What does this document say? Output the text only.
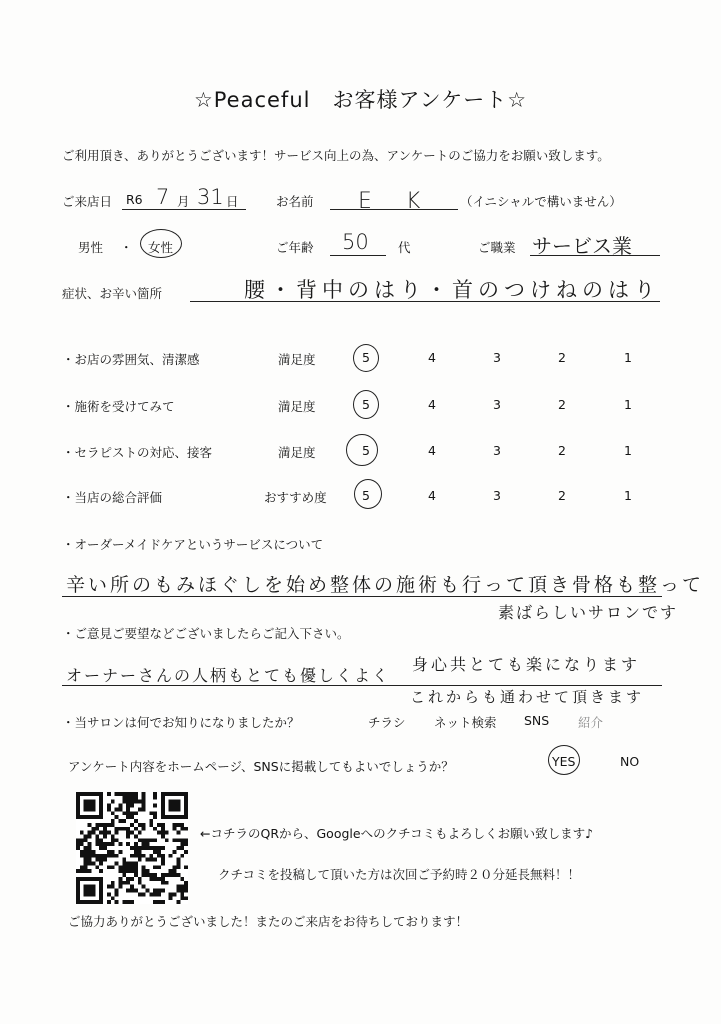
☆Peaceful　お客様アンケート☆
ご利用頂き、ありがとうございます！サービス向上の為、アンケートのご協力をお願い致します。
ご来店日 R6 7 月 31 日	お名前 E　K	（イニシャルで構いません）
男性 ・ 女性	ご年齢 50 代	ご職業 サービス業
症状、お辛い箇所	腰・背中のはり・首のつけねのはり
・お店の雰囲気、清潔感	満足度	5	4	3	2	1
・施術を受けてみて	満足度	5	4	3	2	1
・セラピストの対応、接客	満足度	5	4	3	2	1
・当店の総合評価	おすすめ度	5	4	3	2	1
・オーダーメイドケアというサービスについて
辛い所のもみほぐしを始め整体の施術も行って頂き骨格も整って
素ばらしいサロンです
・ご意見ご要望などございましたらご記入下さい。
オーナーさんの人柄もとても優しくよく
身心共とても楽になります
これからも通わせて頂きます
・当サロンは何でお知りになりましたか？	チラシ ネット検索 SNS 紹介
アンケート内容をホームページ、SNSに掲載してもよいでしょうか？	YES	NO
←コチラのQRから、Googleへのクチコミもよろしくお願い致します♪
クチコミを投稿して頂いた方は次回ご予約時２０分延長無料！！
ご協力ありがとうございました！またのご来店をお待ちしております！
